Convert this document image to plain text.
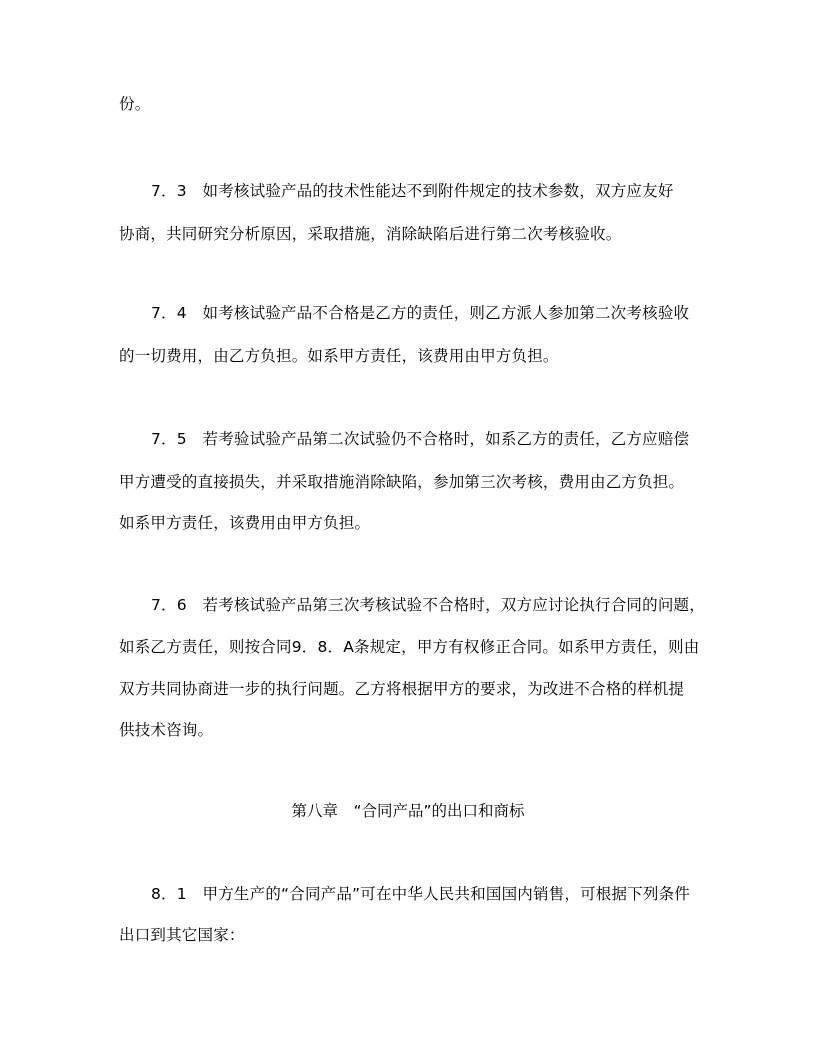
份。
7．3　如考核试验产品的技术性能达不到附件规定的技术参数，双方应友好
协商，共同研究分析原因，采取措施，消除缺陷后进行第二次考核验收。
7．4　如考核试验产品不合格是乙方的责任，则乙方派人参加第二次考核验收
的一切费用，由乙方负担。如系甲方责任，该费用由甲方负担。
7．5　若考验试验产品第二次试验仍不合格时，如系乙方的责任，乙方应赔偿
甲方遭受的直接损失，并采取措施消除缺陷，参加第三次考核，费用由乙方负担。
如系甲方责任，该费用由甲方负担。
7．6　若考核试验产品第三次考核试验不合格时，双方应讨论执行合同的问题，
如系乙方责任，则按合同9．8．A条规定，甲方有权修正合同。如系甲方责任，则由
双方共同协商进一步的执行问题。乙方将根据甲方的要求，为改进不合格的样机提
供技术咨询。
第八章　“合同产品”的出口和商标
8．1　甲方生产的“合同产品”可在中华人民共和国国内销售，可根据下列条件
出口到其它国家：
